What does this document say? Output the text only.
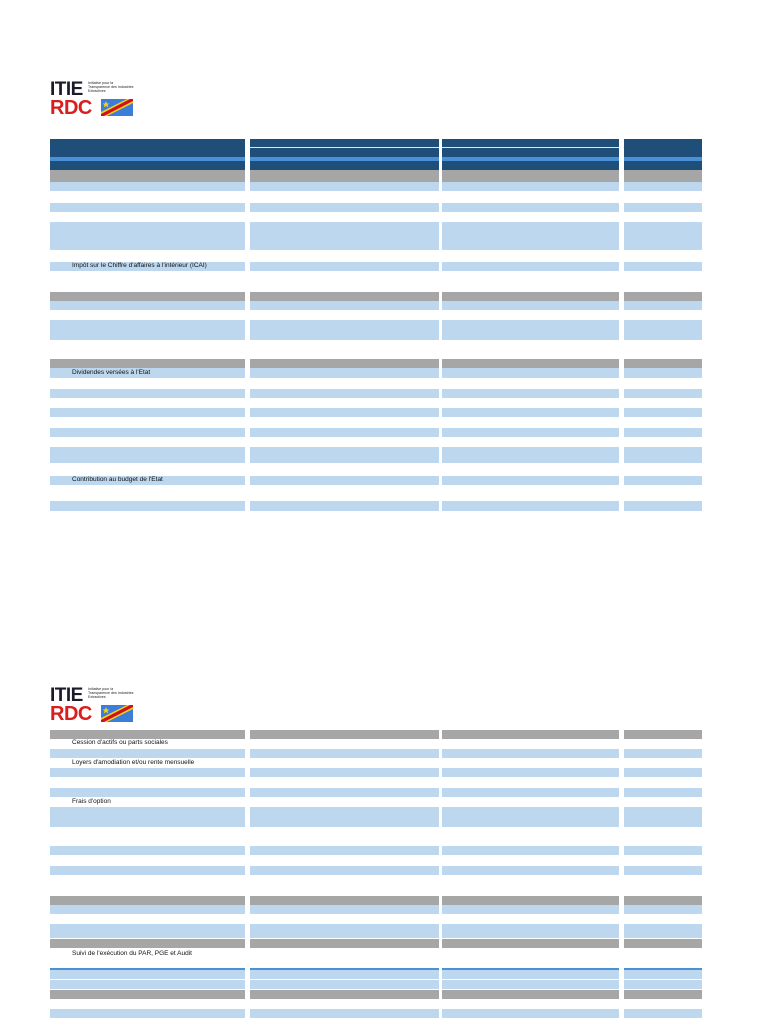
ITIE Initiative pour la Transparence des Industries Extractives
RDC
Impôt sur le Chiffre d'affaires à l'intérieur (ICAI)
Dividendes versées à l'Etat
Contribution au budget de l'Etat
ITIE Initiative pour la Transparence des Industries Extractives
RDC
Cession d'actifs ou parts sociales
Loyers d'amodiation et/ou rente mensuelle
Frais d'option
Suivi de l'exécution du PAR, PGE et Audit
